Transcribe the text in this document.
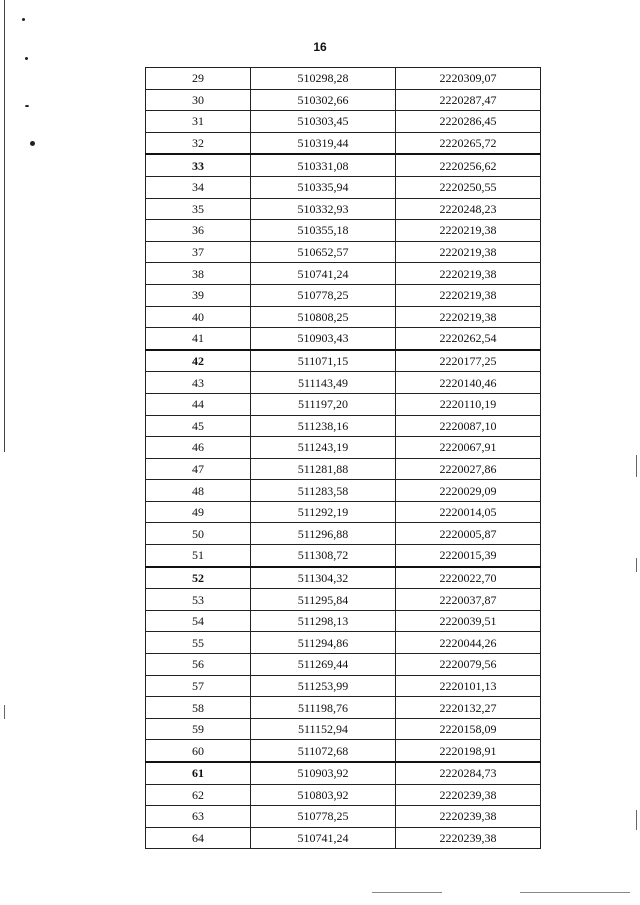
16
29	510298,28	2220309,07
30	510302,66	2220287,47
31	510303,45	2220286,45
32	510319,44	2220265,72
33	510331,08	2220256,62
34	510335,94	2220250,55
35	510332,93	2220248,23
36	510355,18	2220219,38
37	510652,57	2220219,38
38	510741,24	2220219,38
39	510778,25	2220219,38
40	510808,25	2220219,38
41	510903,43	2220262,54
42	511071,15	2220177,25
43	511143,49	2220140,46
44	511197,20	2220110,19
45	511238,16	2220087,10
46	511243,19	2220067,91
47	511281,88	2220027,86
48	511283,58	2220029,09
49	511292,19	2220014,05
50	511296,88	2220005,87
51	511308,72	2220015,39
52	511304,32	2220022,70
53	511295,84	2220037,87
54	511298,13	2220039,51
55	511294,86	2220044,26
56	511269,44	2220079,56
57	511253,99	2220101,13
58	511198,76	2220132,27
59	511152,94	2220158,09
60	511072,68	2220198,91
61	510903,92	2220284,73
62	510803,92	2220239,38
63	510778,25	2220239,38
64	510741,24	2220239,38
